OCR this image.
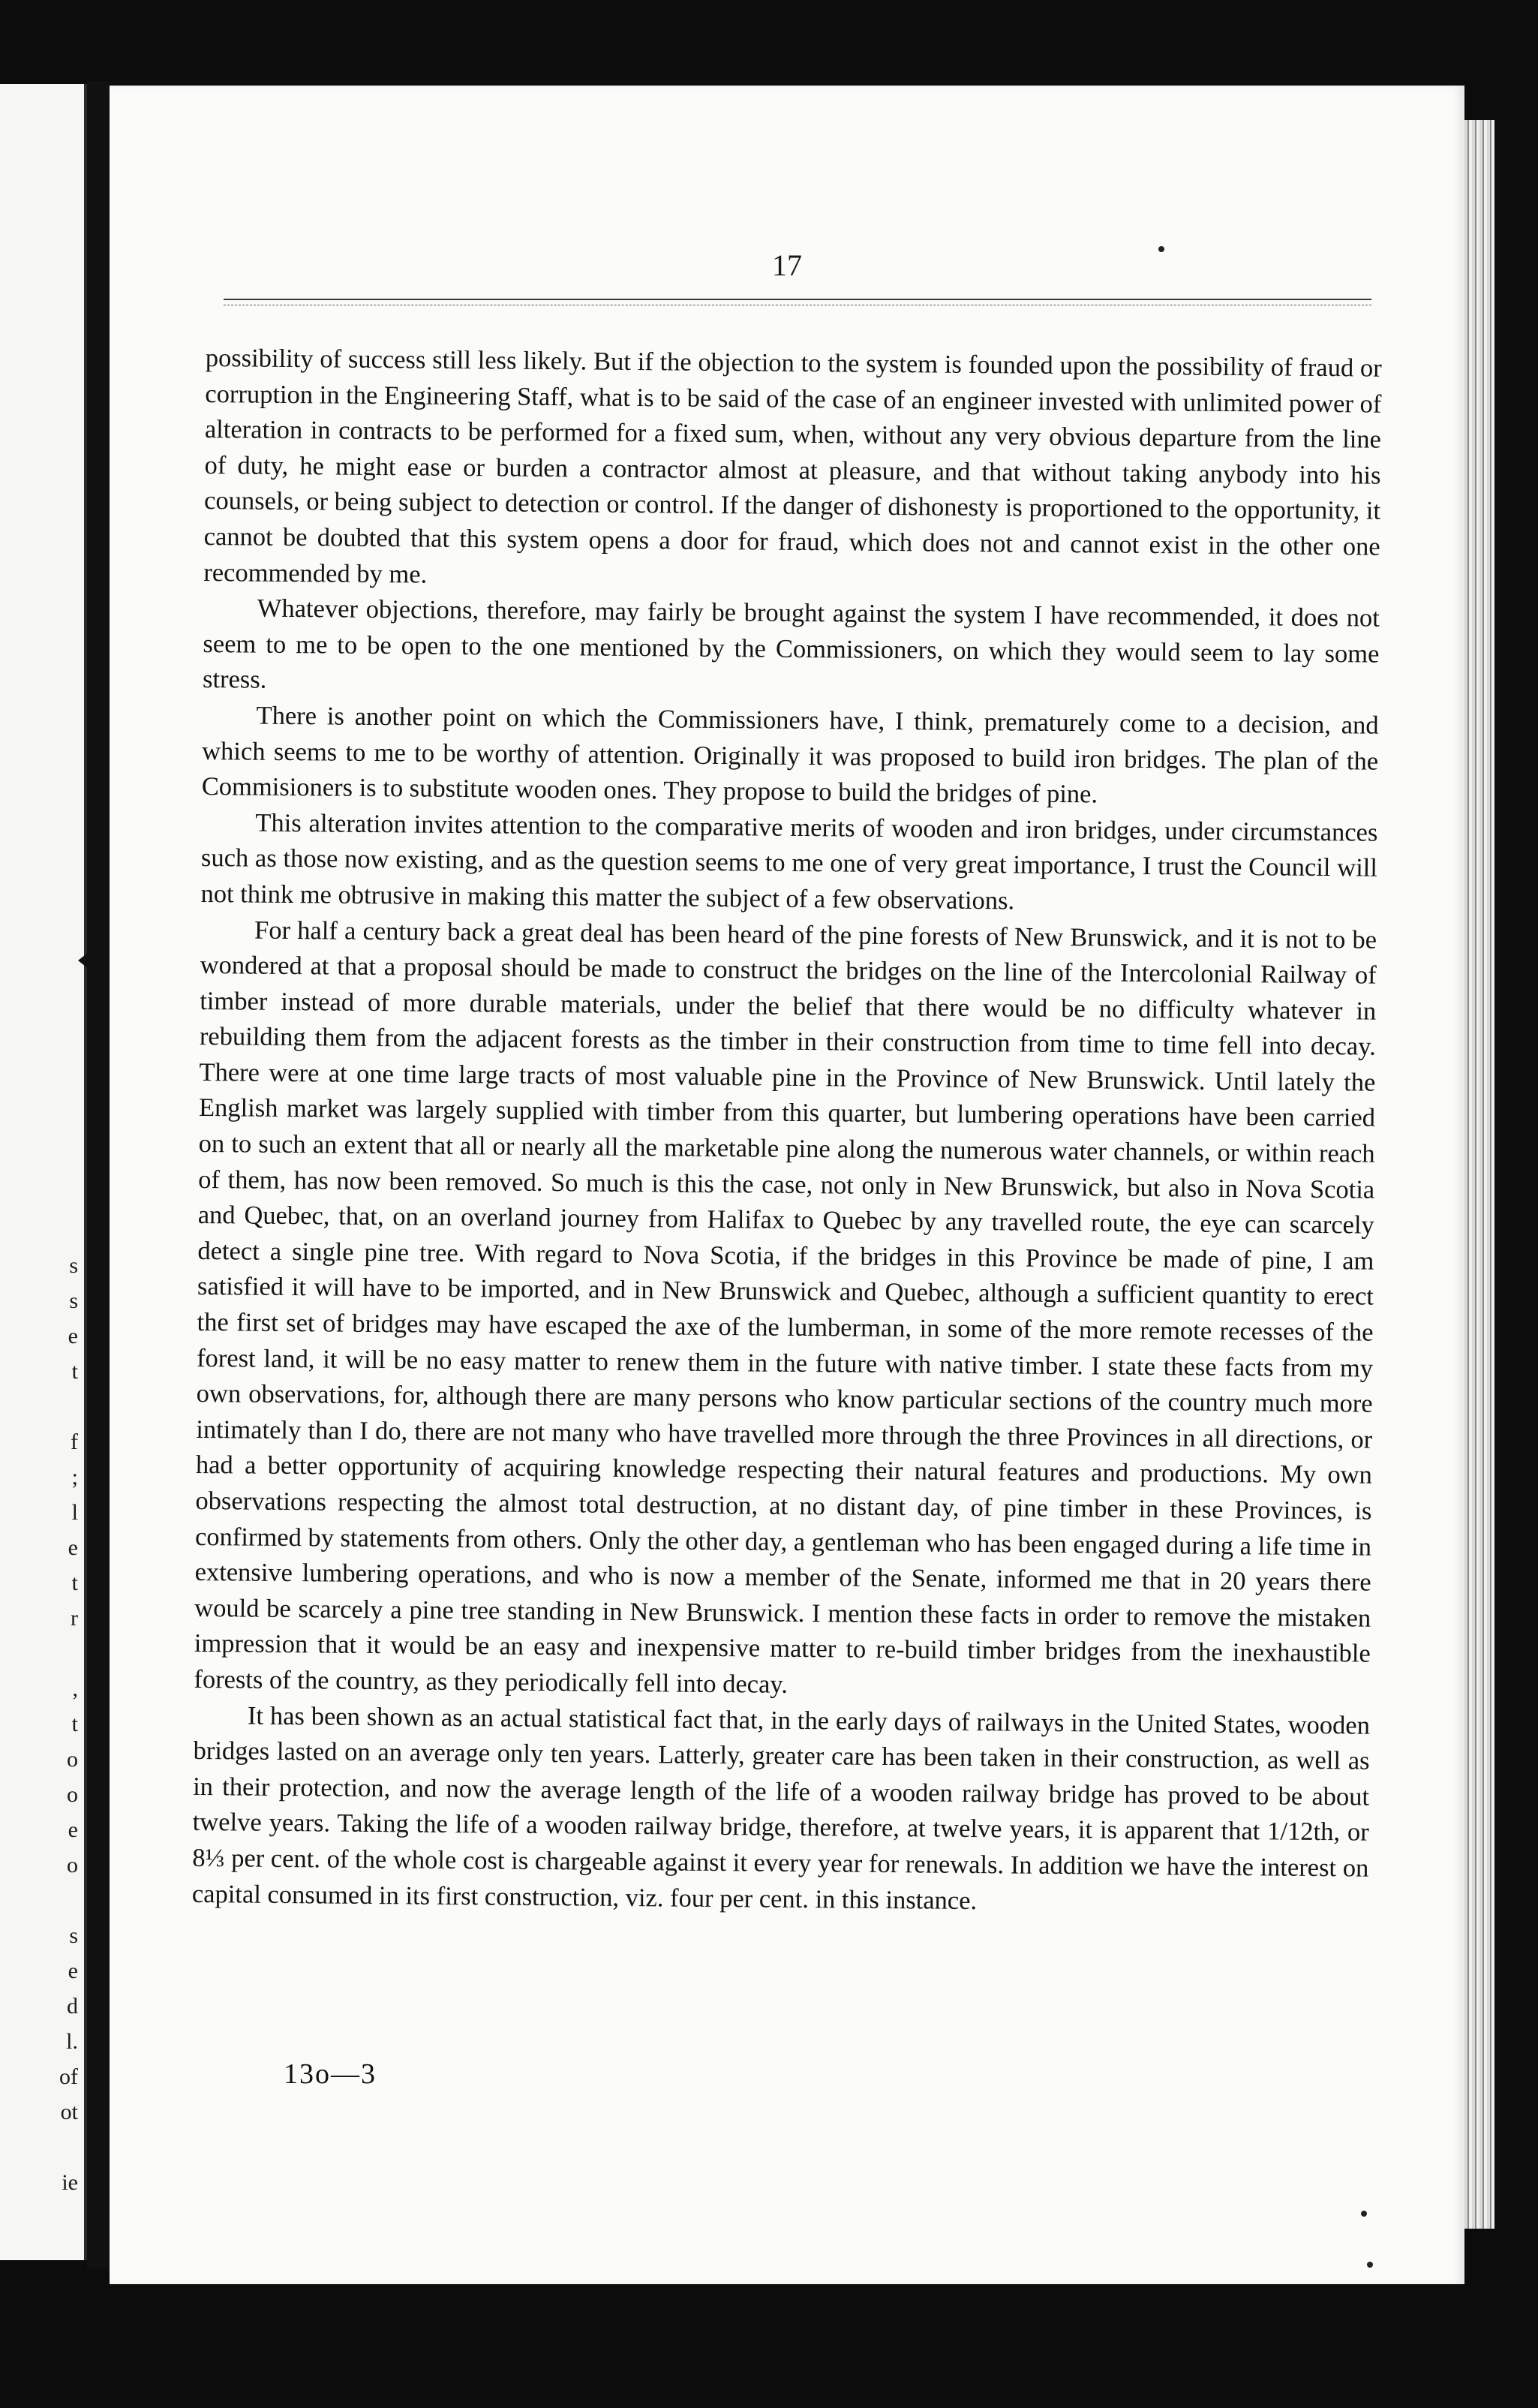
s
s
e
t
f
;
l
e
t
r
,
t
o
o
e
o
s
e
d
l.
of
ot
ie
17

possibility of success still less likely. But if the objection to the system is founded upon the possibility of fraud or corruption in the Engineering Staff, what is to be said of the case of an engineer invested with unlimited power of alteration in contracts to be performed for a fixed sum, when, without any very obvious departure from the line of duty, he might ease or burden a contractor almost at pleasure, and that without taking anybody into his counsels, or being subject to detection or control. If the danger of dishonesty is proportioned to the opportunity, it cannot be doubted that this system opens a door for fraud, which does not and cannot exist in the other one recommended by me.

Whatever objections, therefore, may fairly be brought against the system I have recommended, it does not seem to me to be open to the one mentioned by the Commissioners, on which they would seem to lay some stress.

There is another point on which the Commissioners have, I think, prematurely come to a decision, and which seems to me to be worthy of attention. Originally it was proposed to build iron bridges. The plan of the Commisioners is to substitute wooden ones. They propose to build the bridges of pine.

This alteration invites attention to the comparative merits of wooden and iron bridges, under circumstances such as those now existing, and as the question seems to me one of very great importance, I trust the Council will not think me obtrusive in making this matter the subject of a few observations.

For half a century back a great deal has been heard of the pine forests of New Brunswick, and it is not to be wondered at that a proposal should be made to construct the bridges on the line of the Intercolonial Railway of timber instead of more durable materials, under the belief that there would be no difficulty whatever in rebuilding them from the adjacent forests as the timber in their construction from time to time fell into decay. There were at one time large tracts of most valuable pine in the Province of New Brunswick. Until lately the English market was largely supplied with timber from this quarter, but lumbering operations have been carried on to such an extent that all or nearly all the marketable pine along the numerous water channels, or within reach of them, has now been removed. So much is this the case, not only in New Brunswick, but also in Nova Scotia and Quebec, that, on an overland journey from Halifax to Quebec by any travelled route, the eye can scarcely detect a single pine tree. With regard to Nova Scotia, if the bridges in this Province be made of pine, I am satisfied it will have to be imported, and in New Brunswick and Quebec, although a sufficient quantity to erect the first set of bridges may have escaped the axe of the lumberman, in some of the more remote recesses of the forest land, it will be no easy matter to renew them in the future with native timber. I state these facts from my own observations, for, although there are many persons who know particular sections of the country much more intimately than I do, there are not many who have travelled more through the three Provinces in all directions, or had a better opportunity of acquiring knowledge respecting their natural features and productions. My own observations respecting the almost total destruction, at no distant day, of pine timber in these Provinces, is confirmed by statements from others. Only the other day, a gentleman who has been engaged during a life time in extensive lumbering operations, and who is now a member of the Senate, informed me that in 20 years there would be scarcely a pine tree standing in New Brunswick. I mention these facts in order to remove the mistaken impression that it would be an easy and inexpensive matter to re-build timber bridges from the inexhaustible forests of the country, as they periodically fell into decay.

It has been shown as an actual statistical fact that, in the early days of railways in the United States, wooden bridges lasted on an average only ten years. Latterly, greater care has been taken in their construction, as well as in their protection, and now the average length of the life of a wooden railway bridge has proved to be about twelve years. Taking the life of a wooden railway bridge, therefore, at twelve years, it is apparent that 1/12th, or 8⅓ per cent. of the whole cost is chargeable against it every year for renewals. In addition we have the interest on capital consumed in its first construction, viz. four per cent. in this instance.

13o—3
